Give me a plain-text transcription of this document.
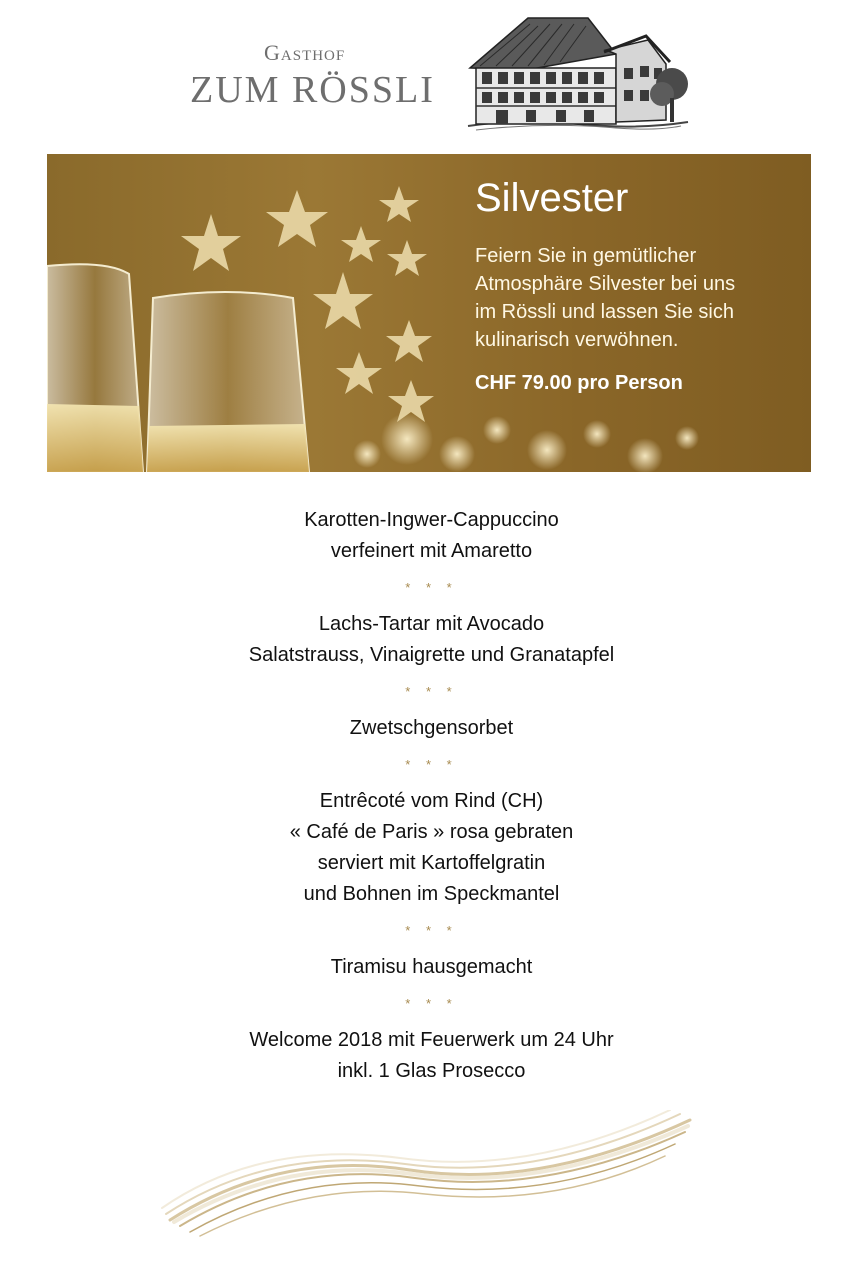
Gasthof
ZUM RÖSSLI
Silvester
Feiern Sie in gemütlicher
Atmosphäre Silvester bei uns
im Rössli und lassen Sie sich
kulinarisch verwöhnen.
CHF 79.00 pro Person
Karotten-Ingwer-Cappuccino
verfeinert mit Amaretto
* * *
Lachs-Tartar mit Avocado
Salatstrauss, Vinaigrette und Granatapfel
* * *
Zwetschgensorbet
* * *
Entrêcoté vom Rind (CH)
« Café de Paris » rosa gebraten
serviert mit Kartoffelgratin
und Bohnen im Speckmantel
* * *
Tiramisu hausgemacht
* * *
Welcome 2018 mit Feuerwerk um 24 Uhr
inkl. 1 Glas Prosecco
